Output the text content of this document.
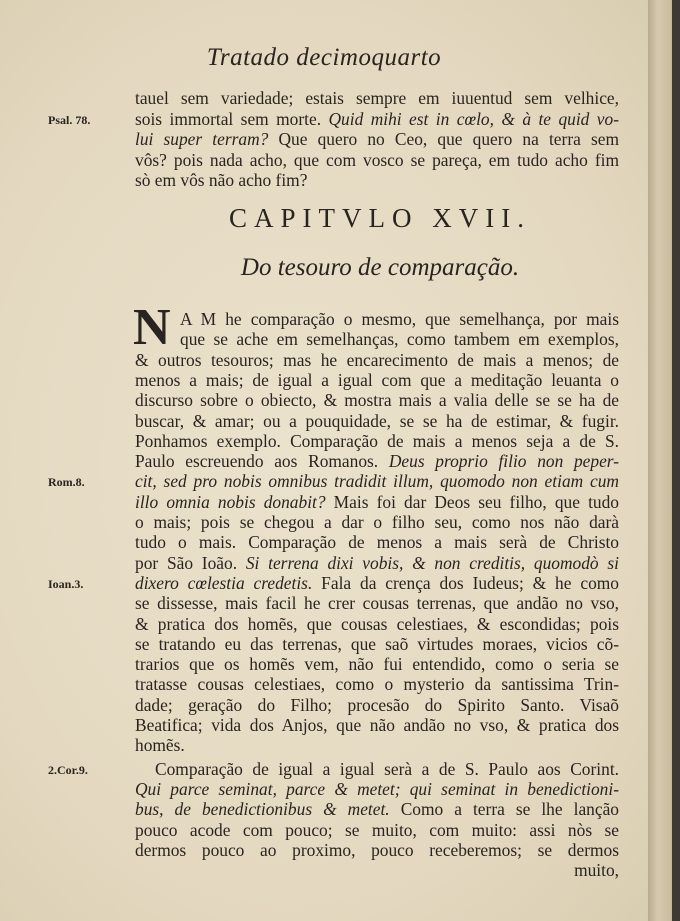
Tratado decimoquarto
CAPITVLO XVII.
Do tesouro de comparação.
N
tauel sem variedade; estais sempre em iuuentud sem velhice,
sois immortal sem morte. Quid mihi est in cœlo, & à te quid vo-
lui super terram? Que quero no Ceo, que quero na terra sem
vôs? pois nada acho, que com vosco se pareça, em tudo acho fim
sò em vôs não acho fim?
A M he comparação o mesmo, que semelhança, por mais
que se ache em semelhanças, como tambem em exemplos,
& outros tesouros; mas he encarecimento de mais a menos; de
menos a mais; de igual a igual com que a meditação leuanta o
discurso sobre o obiecto, & mostra mais a valia delle se se ha de
buscar, & amar; ou a pouquidade, se se ha de estimar, & fugir.
Ponhamos exemplo. Comparação de mais a menos seja a de S.
Paulo escreuendo aos Romanos. Deus proprio filio non peper-
cit, sed pro nobis omnibus tradidit illum, quomodo non etiam cum
illo omnia nobis donabit? Mais foi dar Deos seu filho, que tudo
o mais; pois se chegou a dar o filho seu, como nos não darà
tudo o mais. Comparação de menos a mais serà de Christo
por São Ioão. Si terrena dixi vobis, & non creditis, quomodò si
dixero cœlestia credetis. Fala da crença dos Iudeus; & he como
se dissesse, mais facil he crer cousas terrenas, que andão no vso,
& pratica dos homẽs, que cousas celestiaes, & escondidas; pois
se tratando eu das terrenas, que saõ virtudes moraes, vicios cõ-
trarios que os homẽs vem, não fui entendido, como o seria se
tratasse cousas celestiaes, como o mysterio da santissima Trin-
dade; geração do Filho; procesão do Spirito Santo. Visaõ
Beatifica; vida dos Anjos, que não andão no vso, & pratica dos
homẽs.
Comparação de igual a igual serà a de S. Paulo aos Corint.
Qui parce seminat, parce & metet; qui seminat in benedictioni-
bus, de benedictionibus & metet. Como a terra se lhe lanção
pouco acode com pouco; se muito, com muito: assi nòs se
dermos pouco ao proximo, pouco receberemos; se dermos
muito,
Psal. 78.
Rom.8.
Ioan.3.
2.Cor.9.
